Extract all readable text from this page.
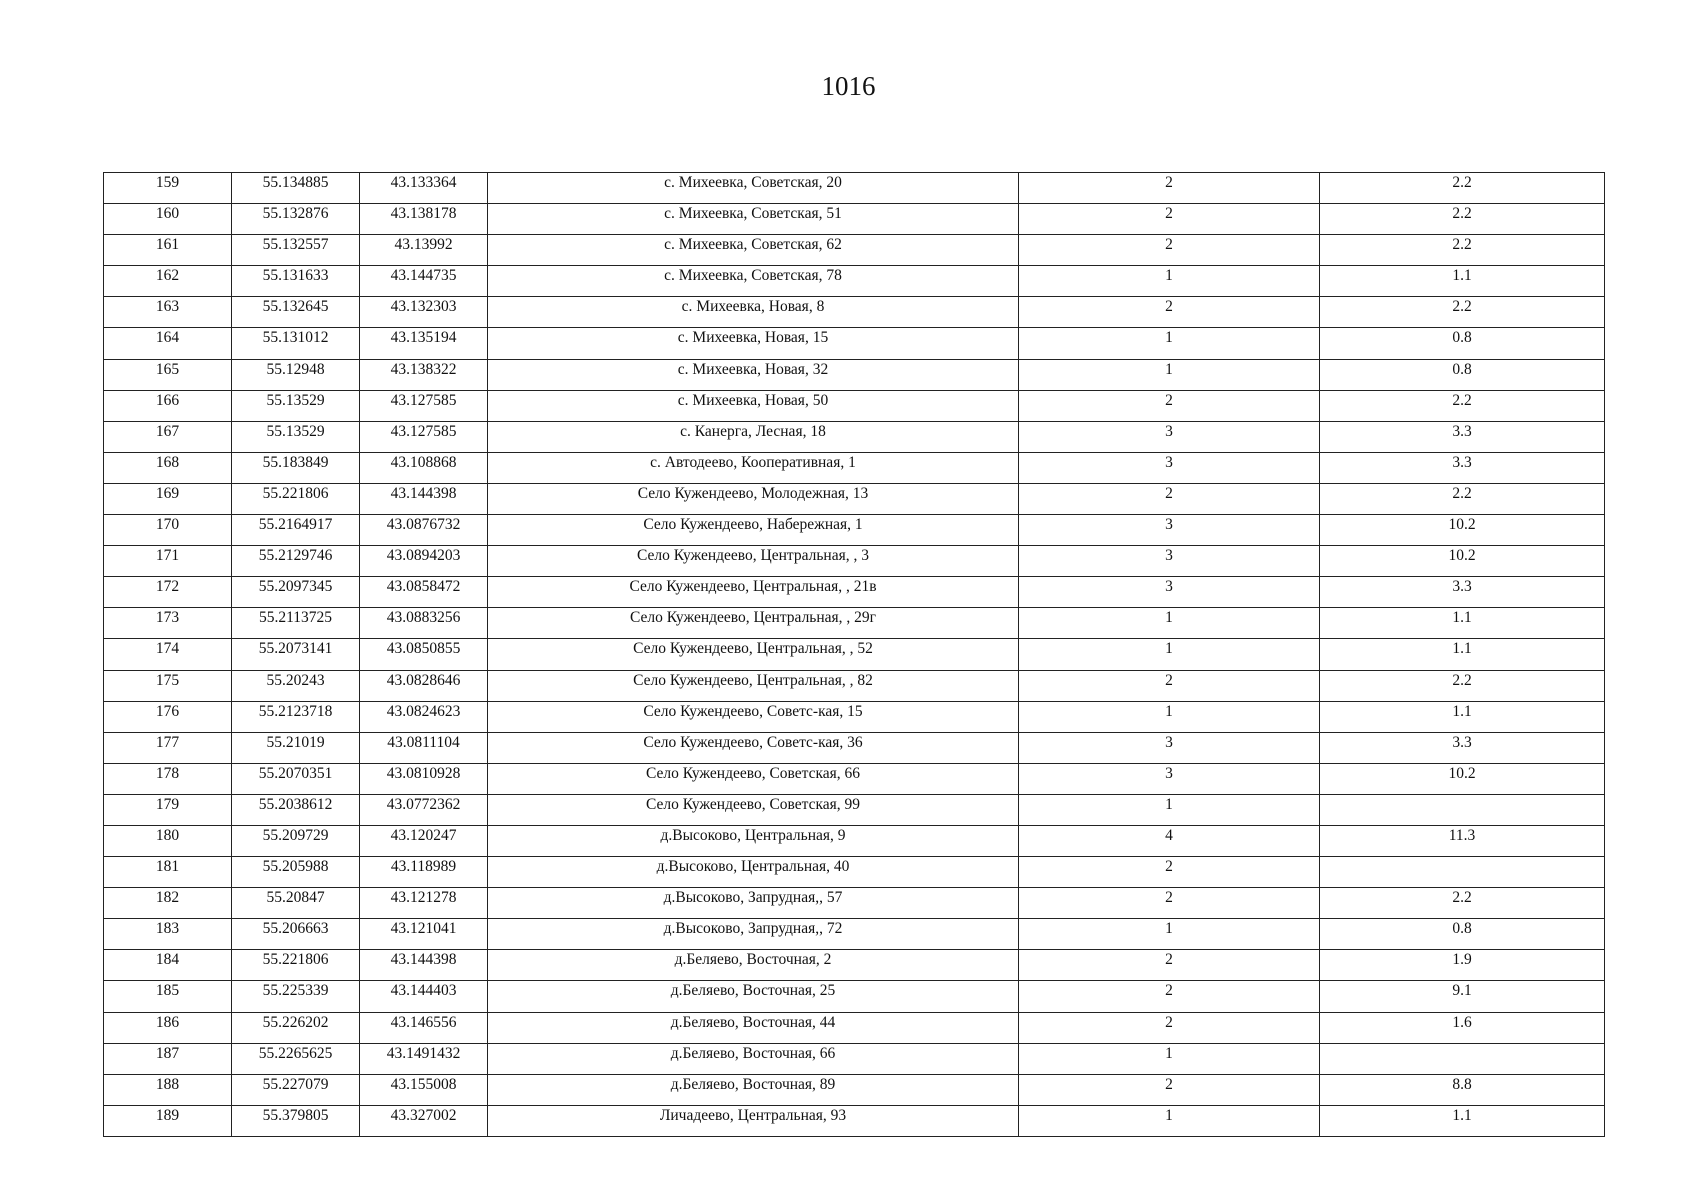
1016
159	55.134885	43.133364	с. Михеевка, Советская, 20	2	2.2
160	55.132876	43.138178	с. Михеевка, Советская, 51	2	2.2
161	55.132557	43.13992	с. Михеевка, Советская, 62	2	2.2
162	55.131633	43.144735	с. Михеевка, Советская, 78	1	1.1
163	55.132645	43.132303	с. Михеевка, Новая, 8	2	2.2
164	55.131012	43.135194	с. Михеевка, Новая, 15	1	0.8
165	55.12948	43.138322	с. Михеевка, Новая, 32	1	0.8
166	55.13529	43.127585	с. Михеевка, Новая, 50	2	2.2
167	55.13529	43.127585	с. Канерга, Лесная, 18	3	3.3
168	55.183849	43.108868	с. Автодеево, Кооперативная, 1	3	3.3
169	55.221806	43.144398	Село Кужендеево, Молодежная, 13	2	2.2
170	55.2164917	43.0876732	Село Кужендеево, Набережная, 1	3	10.2
171	55.2129746	43.0894203	Село Кужендеево, Центральная, , 3	3	10.2
172	55.2097345	43.0858472	Село Кужендеево, Центральная, , 21в	3	3.3
173	55.2113725	43.0883256	Село Кужендеево, Центральная, , 29г	1	1.1
174	55.2073141	43.0850855	Село Кужендеево, Центральная, , 52	1	1.1
175	55.20243	43.0828646	Село Кужендеево, Центральная, , 82	2	2.2
176	55.2123718	43.0824623	Село Кужендеево, Советс-кая, 15	1	1.1
177	55.21019	43.0811104	Село Кужендеево, Советс-кая, 36	3	3.3
178	55.2070351	43.0810928	Село Кужендеево, Советская, 66	3	10.2
179	55.2038612	43.0772362	Село Кужендеево, Советская, 99	1	
180	55.209729	43.120247	д.Высоково, Центральная, 9	4	11.3
181	55.205988	43.118989	д.Высоково, Центральная, 40	2	
182	55.20847	43.121278	д.Высоково, Запрудная,, 57	2	2.2
183	55.206663	43.121041	д.Высоково, Запрудная,, 72	1	0.8
184	55.221806	43.144398	д.Беляево, Восточная, 2	2	1.9
185	55.225339	43.144403	д.Беляево, Восточная, 25	2	9.1
186	55.226202	43.146556	д.Беляево, Восточная, 44	2	1.6
187	55.2265625	43.1491432	д.Беляево, Восточная, 66	1	
188	55.227079	43.155008	д.Беляево, Восточная, 89	2	8.8
189	55.379805	43.327002	Личадеево, Центральная, 93	1	1.1
